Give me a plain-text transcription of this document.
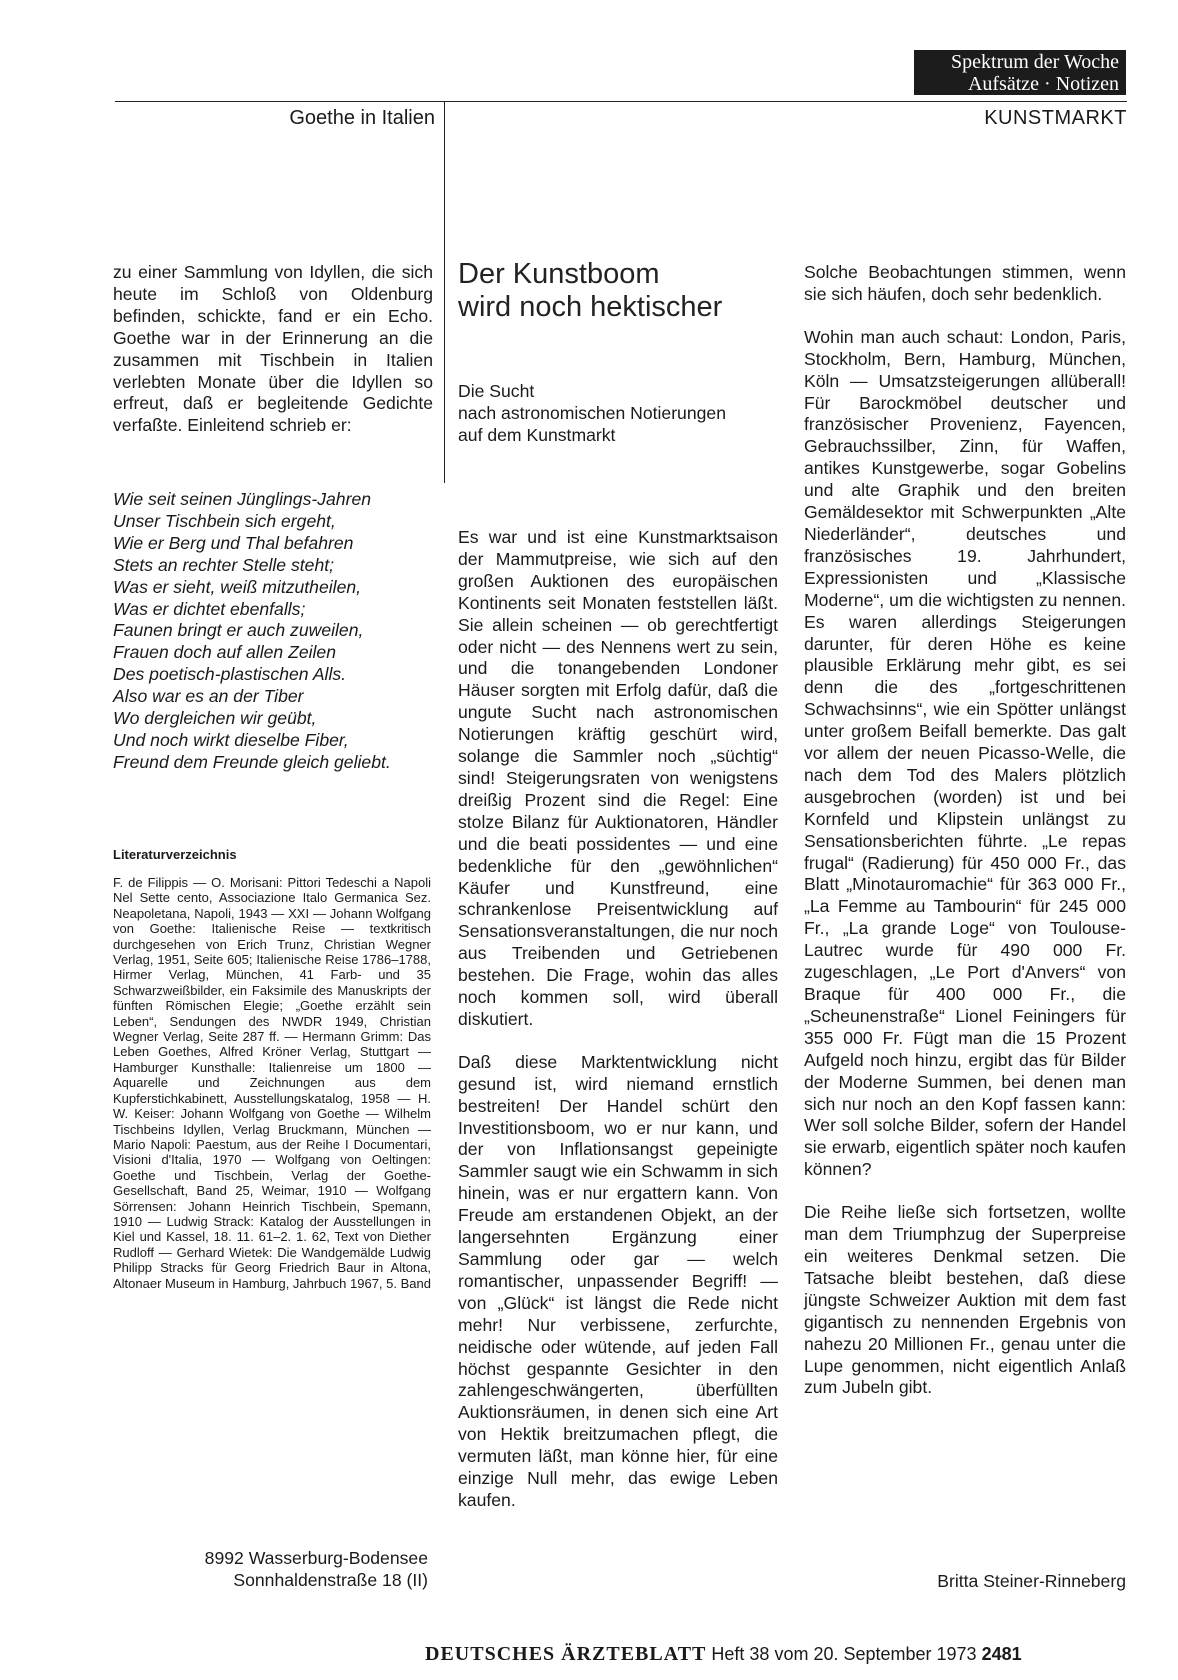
Spektrum der Woche
Aufsätze · Notizen
Goethe in Italien	KUNSTMARKT

zu einer Sammlung von Idyllen, die sich heute im Schloß von Oldenburg befinden, schickte, fand er ein Echo. Goethe war in der Erinnerung an die zusammen mit Tischbein in Italien verlebten Monate über die Idyllen so erfreut, daß er begleitende Gedichte verfaßte. Einleitend schrieb er:

Wie seit seinen Jünglings-Jahren
Unser Tischbein sich ergeht,
Wie er Berg und Thal befahren
Stets an rechter Stelle steht;
Was er sieht, weiß mitzutheilen,
Was er dichtet ebenfalls;
Faunen bringt er auch zuweilen,
Frauen doch auf allen Zeilen
Des poetisch-plastischen Alls.
Also war es an der Tiber
Wo dergleichen wir geübt,
Und noch wirkt dieselbe Fiber,
Freund dem Freunde gleich geliebt.
Literaturverzeichnis
F. de Filippis — O. Morisani: Pittori Tedeschi a Napoli Nel Sette cento, Associazione Italo Germanica Sez. Neapoletana, Napoli, 1943 — XXI — Johann Wolfgang von Goethe: Italienische Reise — textkritisch durchgesehen von Erich Trunz, Christian Wegner Verlag, 1951, Seite 605; Italienische Reise 1786–1788, Hirmer Verlag, München, 41 Farb- und 35 Schwarzweißbilder, ein Faksimile des Manuskripts der fünften Römischen Elegie; „Goethe erzählt sein Leben“, Sendungen des NWDR 1949, Christian Wegner Verlag, Seite 287 ff. — Hermann Grimm: Das Leben Goethes, Alfred Kröner Verlag, Stuttgart — Hamburger Kunsthalle: Italienreise um 1800 — Aquarelle und Zeichnungen aus dem Kupferstichkabinett, Ausstellungskatalog, 1958 — H. W. Keiser: Johann Wolfgang von Goethe — Wilhelm Tischbeins Idyllen, Verlag Bruckmann, München — Mario Napoli: Paestum, aus der Reihe I Documentari, Visioni d'Italia, 1970 — Wolfgang von Oeltingen: Goethe und Tischbein, Verlag der Goethe-Gesellschaft, Band 25, Weimar, 1910 — Wolfgang Sörrensen: Johann Heinrich Tischbein, Spemann, 1910 — Ludwig Strack: Katalog der Ausstellungen in Kiel und Kassel, 18. 11. 61–2. 1. 62, Text von Diether Rudloff — Gerhard Wietek: Die Wandgemälde Ludwig Philipp Stracks für Georg Friedrich Baur in Altona, Altonaer Museum in Hamburg, Jahrbuch 1967, 5. Band
8992 Wasserburg-Bodensee
Sonnhaldenstraße 18 (II)
Der Kunstboom
wird noch hektischer
Die Sucht
nach astronomischen Notierungen
auf dem Kunstmarkt

Es war und ist eine Kunstmarktsaison der Mammutpreise, wie sich auf den großen Auktionen des europäischen Kontinents seit Monaten feststellen läßt. Sie allein scheinen — ob gerechtfertigt oder nicht — des Nennens wert zu sein, und die tonangebenden Londoner Häuser sorgten mit Erfolg dafür, daß die ungute Sucht nach astronomischen Notierungen kräftig geschürt wird, solange die Sammler noch „süchtig“ sind! Steigerungsraten von wenigstens dreißig Prozent sind die Regel: Eine stolze Bilanz für Auktionatoren, Händler und die beati possidentes — und eine bedenkliche für den „gewöhnlichen“ Käufer und Kunstfreund, eine schrankenlose Preisentwicklung auf Sensationsveranstaltungen, die nur noch aus Treibenden und Getriebenen bestehen. Die Frage, wohin das alles noch kommen soll, wird überall diskutiert.

Daß diese Marktentwicklung nicht gesund ist, wird niemand ernstlich bestreiten! Der Handel schürt den Investitionsboom, wo er nur kann, und der von Inflationsangst gepeinigte Sammler saugt wie ein Schwamm in sich hinein, was er nur ergattern kann. Von Freude am erstandenen Objekt, an der langersehnten Ergänzung einer Sammlung oder gar — welch romantischer, unpassender Begriff! — von „Glück“ ist längst die Rede nicht mehr! Nur verbissene, zerfurchte, neidische oder wütende, auf jeden Fall höchst gespannte Gesichter in den zahlengeschwängerten, überfüllten Auktionsräumen, in denen sich eine Art von Hektik breitzumachen pflegt, die vermuten läßt, man könne hier, für eine einzige Null mehr, das ewige Leben kaufen.

Solche Beobachtungen stimmen, wenn sie sich häufen, doch sehr bedenklich.

Wohin man auch schaut: London, Paris, Stockholm, Bern, Hamburg, München, Köln — Umsatzsteigerungen allüberall! Für Barockmöbel deutscher und französischer Provenienz, Fayencen, Gebrauchssilber, Zinn, für Waffen, antikes Kunstgewerbe, sogar Gobelins und alte Graphik und den breiten Gemäldesektor mit Schwerpunkten „Alte Niederländer“, deutsches und französisches 19. Jahrhundert, Expressionisten und „Klassische Moderne“, um die wichtigsten zu nennen. Es waren allerdings Steigerungen darunter, für deren Höhe es keine plausible Erklärung mehr gibt, es sei denn die des „fortgeschrittenen Schwachsinns“, wie ein Spötter unlängst unter großem Beifall bemerkte. Das galt vor allem der neuen Picasso-Welle, die nach dem Tod des Malers plötzlich ausgebrochen (worden) ist und bei Kornfeld und Klipstein unlängst zu Sensationsberichten führte. „Le repas frugal“ (Radierung) für 450 000 Fr., das Blatt „Minotauromachie“ für 363 000 Fr., „La Femme au Tambourin“ für 245 000 Fr., „La grande Loge“ von Toulouse-Lautrec wurde für 490 000 Fr. zugeschlagen, „Le Port d'Anvers“ von Braque für 400 000 Fr., die „Scheunenstraße“ Lionel Feiningers für 355 000 Fr. Fügt man die 15 Prozent Aufgeld noch hinzu, ergibt das für Bilder der Moderne Summen, bei denen man sich nur noch an den Kopf fassen kann: Wer soll solche Bilder, sofern der Handel sie erwarb, eigentlich später noch kaufen können?

Die Reihe ließe sich fortsetzen, wollte man dem Triumphzug der Superpreise ein weiteres Denkmal setzen. Die Tatsache bleibt bestehen, daß diese jüngste Schweizer Auktion mit dem fast gigantisch zu nennenden Ergebnis von nahezu 20 Millionen Fr., genau unter die Lupe genommen, nicht eigentlich Anlaß zum Jubeln gibt.

Britta Steiner-Rinneberg
DEUTSCHES ÄRZTEBLATT Heft 38 vom 20. September 1973 2481
